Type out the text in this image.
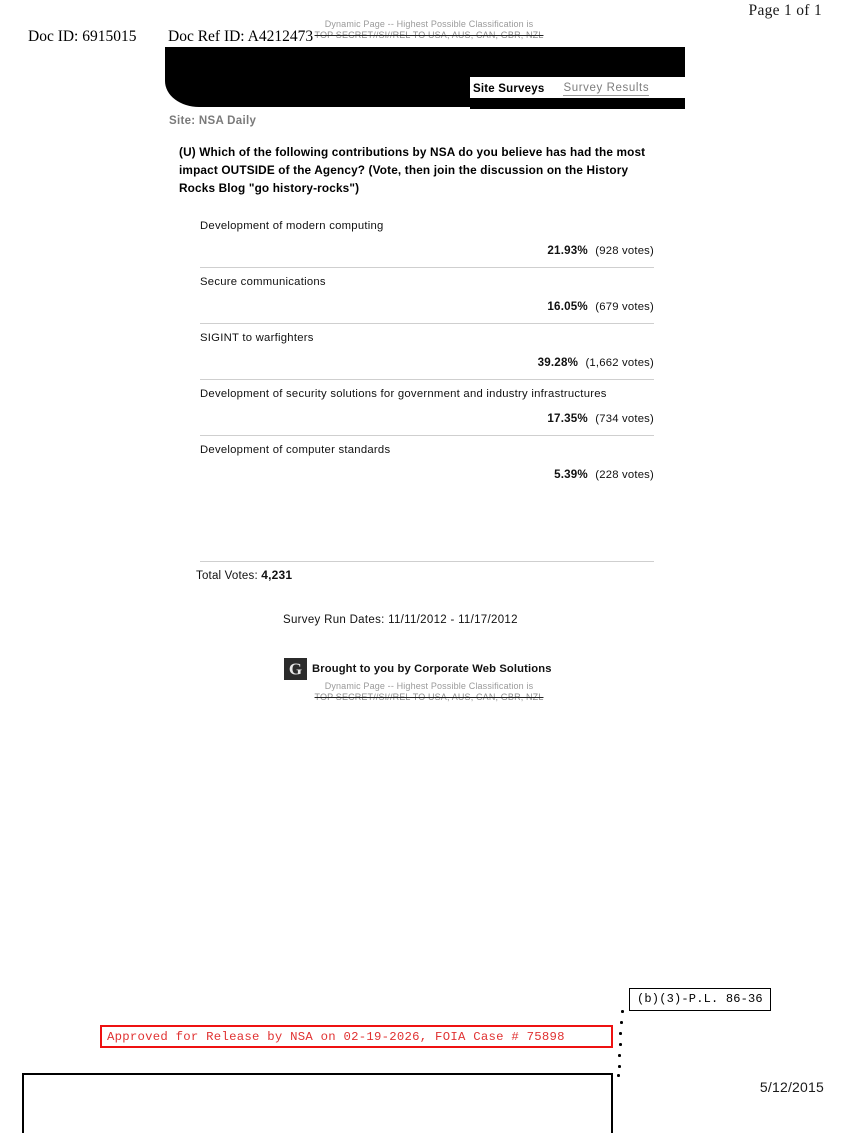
Page 1 of 1
Doc ID: 6915015 Doc Ref ID: A4212473
Dynamic Page -- Highest Possible Classification is
TOP SECRET//SI//REL TO USA, AUS, CAN, GBR, NZL
Site Surveys Survey Results
Site: NSA Daily
(U) Which of the following contributions by NSA do you believe has had the most impact OUTSIDE of the Agency? (Vote, then join the discussion on the History Rocks Blog "go history-rocks")
Development of modern computing
21.93% (928 votes)
Secure communications
16.05% (679 votes)
SIGINT to warfighters
39.28% (1,662 votes)
Development of security solutions for government and industry infrastructures
17.35% (734 votes)
Development of computer standards
5.39% (228 votes)
Total Votes: 4,231
Survey Run Dates: 11/11/2012 - 11/17/2012
G Brought to you by Corporate Web Solutions
Dynamic Page -- Highest Possible Classification is
TOP SECRET//SI//REL TO USA, AUS, CAN, GBR, NZL
(b)(3)-P.L. 86-36
Approved for Release by NSA on 02-19-2026, FOIA Case # 75898
5/12/2015
